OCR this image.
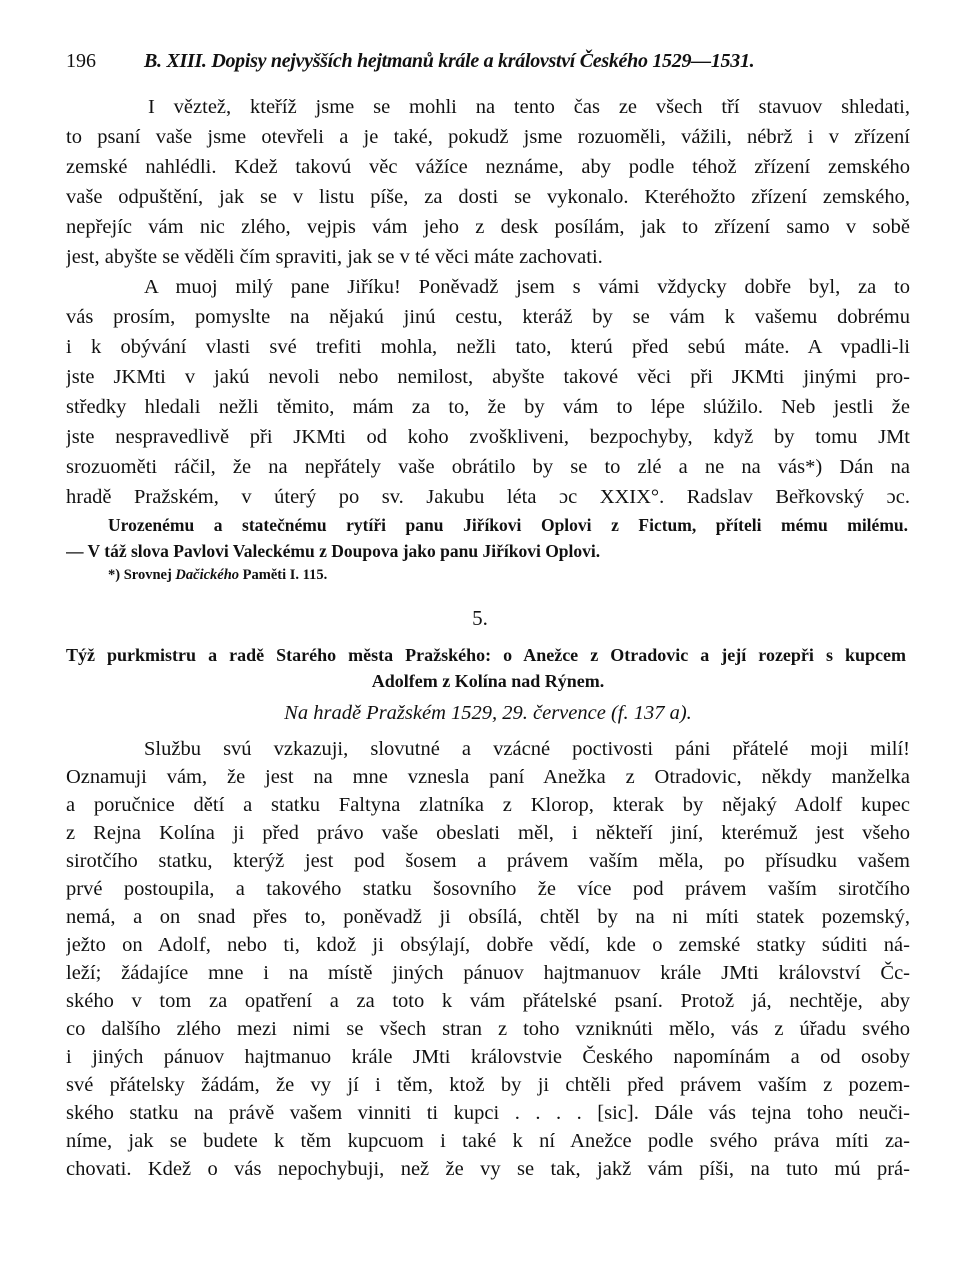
196 B. XIII. Dopisy nejvyšších hejtmanů krále a království Českého 1529—1531.
I věztež, kteříž jsme se mohli na tento čas ze všech tří stavuov shledati,
to psaní vaše jsme otevřeli a je také, pokudž jsme rozuoměli, vážili, nébrž i v zřízení
zemské nahlédli. Kdež takovú věc vážíce neznáme, aby podle téhož zřízení zemského
vaše odpuštění, jak se v listu píše, za dosti se vykonalo. Kteréhožto zřízení zemského,
nepřejíc vám nic zlého, vejpis vám jeho z desk posílám, jak to zřízení samo v sobě
jest, abyšte se věděli čím spraviti, jak se v té věci máte zachovati.
A muoj milý pane Jiříku! Poněvadž jsem s vámi vždycky dobře byl, za to
vás prosím, pomyslte na nějakú jinú cestu, kteráž by se vám k vašemu dobrému
i k obývání vlasti své trefiti mohla, nežli tato, kterú před sebú máte. A vpadli-li
jste JKMti v jakú nevoli nebo nemilost, abyšte takové věci při JKMti jinými pro-
středky hledali nežli těmito, mám za to, že by vám to lépe slúžilo. Neb jestli že
jste nespravedlivě při JKMti od koho zvoškliveni, bezpochyby, když by tomu JMt
srozuoměti ráčil, že na nepřátely vaše obrátilo by se to zlé a ne na vás*) Dán na
hradě Pražském, v úterý po sv. Jakubu léta ɔc XXIX°. Radslav Beřkovský ɔc.
Urozenému a statečnému rytíři panu Jiříkovi Oplovi z Fictum, příteli mému milému.
— V táž slova Pavlovi Valeckému z Doupova jako panu Jiříkovi Oplovi.
*) Srovnej Dačického Paměti I. 115.
5.
Týž purkmistru a radě Starého města Pražského: o Anežce z Otradovic a její rozepři s kupcem
Adolfem z Kolína nad Rýnem.
Na hradě Pražském 1529, 29. července (f. 137 a).
Službu svú vzkazuji, slovutné a vzácné poctivosti páni přátelé moji milí!
Oznamuji vám, že jest na mne vznesla paní Anežka z Otradovic, někdy manželka
a poručnice dětí a statku Faltyna zlatníka z Klorop, kterak by nějaký Adolf kupec
z Rejna Kolína ji před právo vaše obeslati měl, i někteří jiní, kterémuž jest všeho
sirotčího statku, kterýž jest pod šosem a právem vaším měla, po přísudku vašem
prvé postoupila, a takového statku šosovního že více pod právem vaším sirotčího
nemá, a on snad přes to, poněvadž ji obsílá, chtěl by na ni míti statek pozemský,
ježto on Adolf, nebo ti, kdož ji obsýlají, dobře vědí, kde o zemské statky súditi ná-
leží; žádajíce mne i na místě jiných pánuov hajtmanuov krále JMti království Čc-
ského v tom za opatření a za toto k vám přátelské psaní. Protož já, nechtěje, aby
co dalšího zlého mezi nimi se všech stran z toho vzniknúti mělo, vás z úřadu svého
i jiných pánuov hajtmanuo krále JMti královstvie Českého napomínám a od osoby
své přátelsky žádám, že vy jí i těm, ktož by ji chtěli před právem vaším z pozem-
ského statku na právě vašem vinniti ti kupci . . . . [sic]. Dále vás tejna toho neuči-
níme, jak se budete k těm kupcuom i také k ní Anežce podle svého práva míti za-
chovati. Kdež o vás nepochybuji, než že vy se tak, jakž vám píši, na tuto mú prá-
